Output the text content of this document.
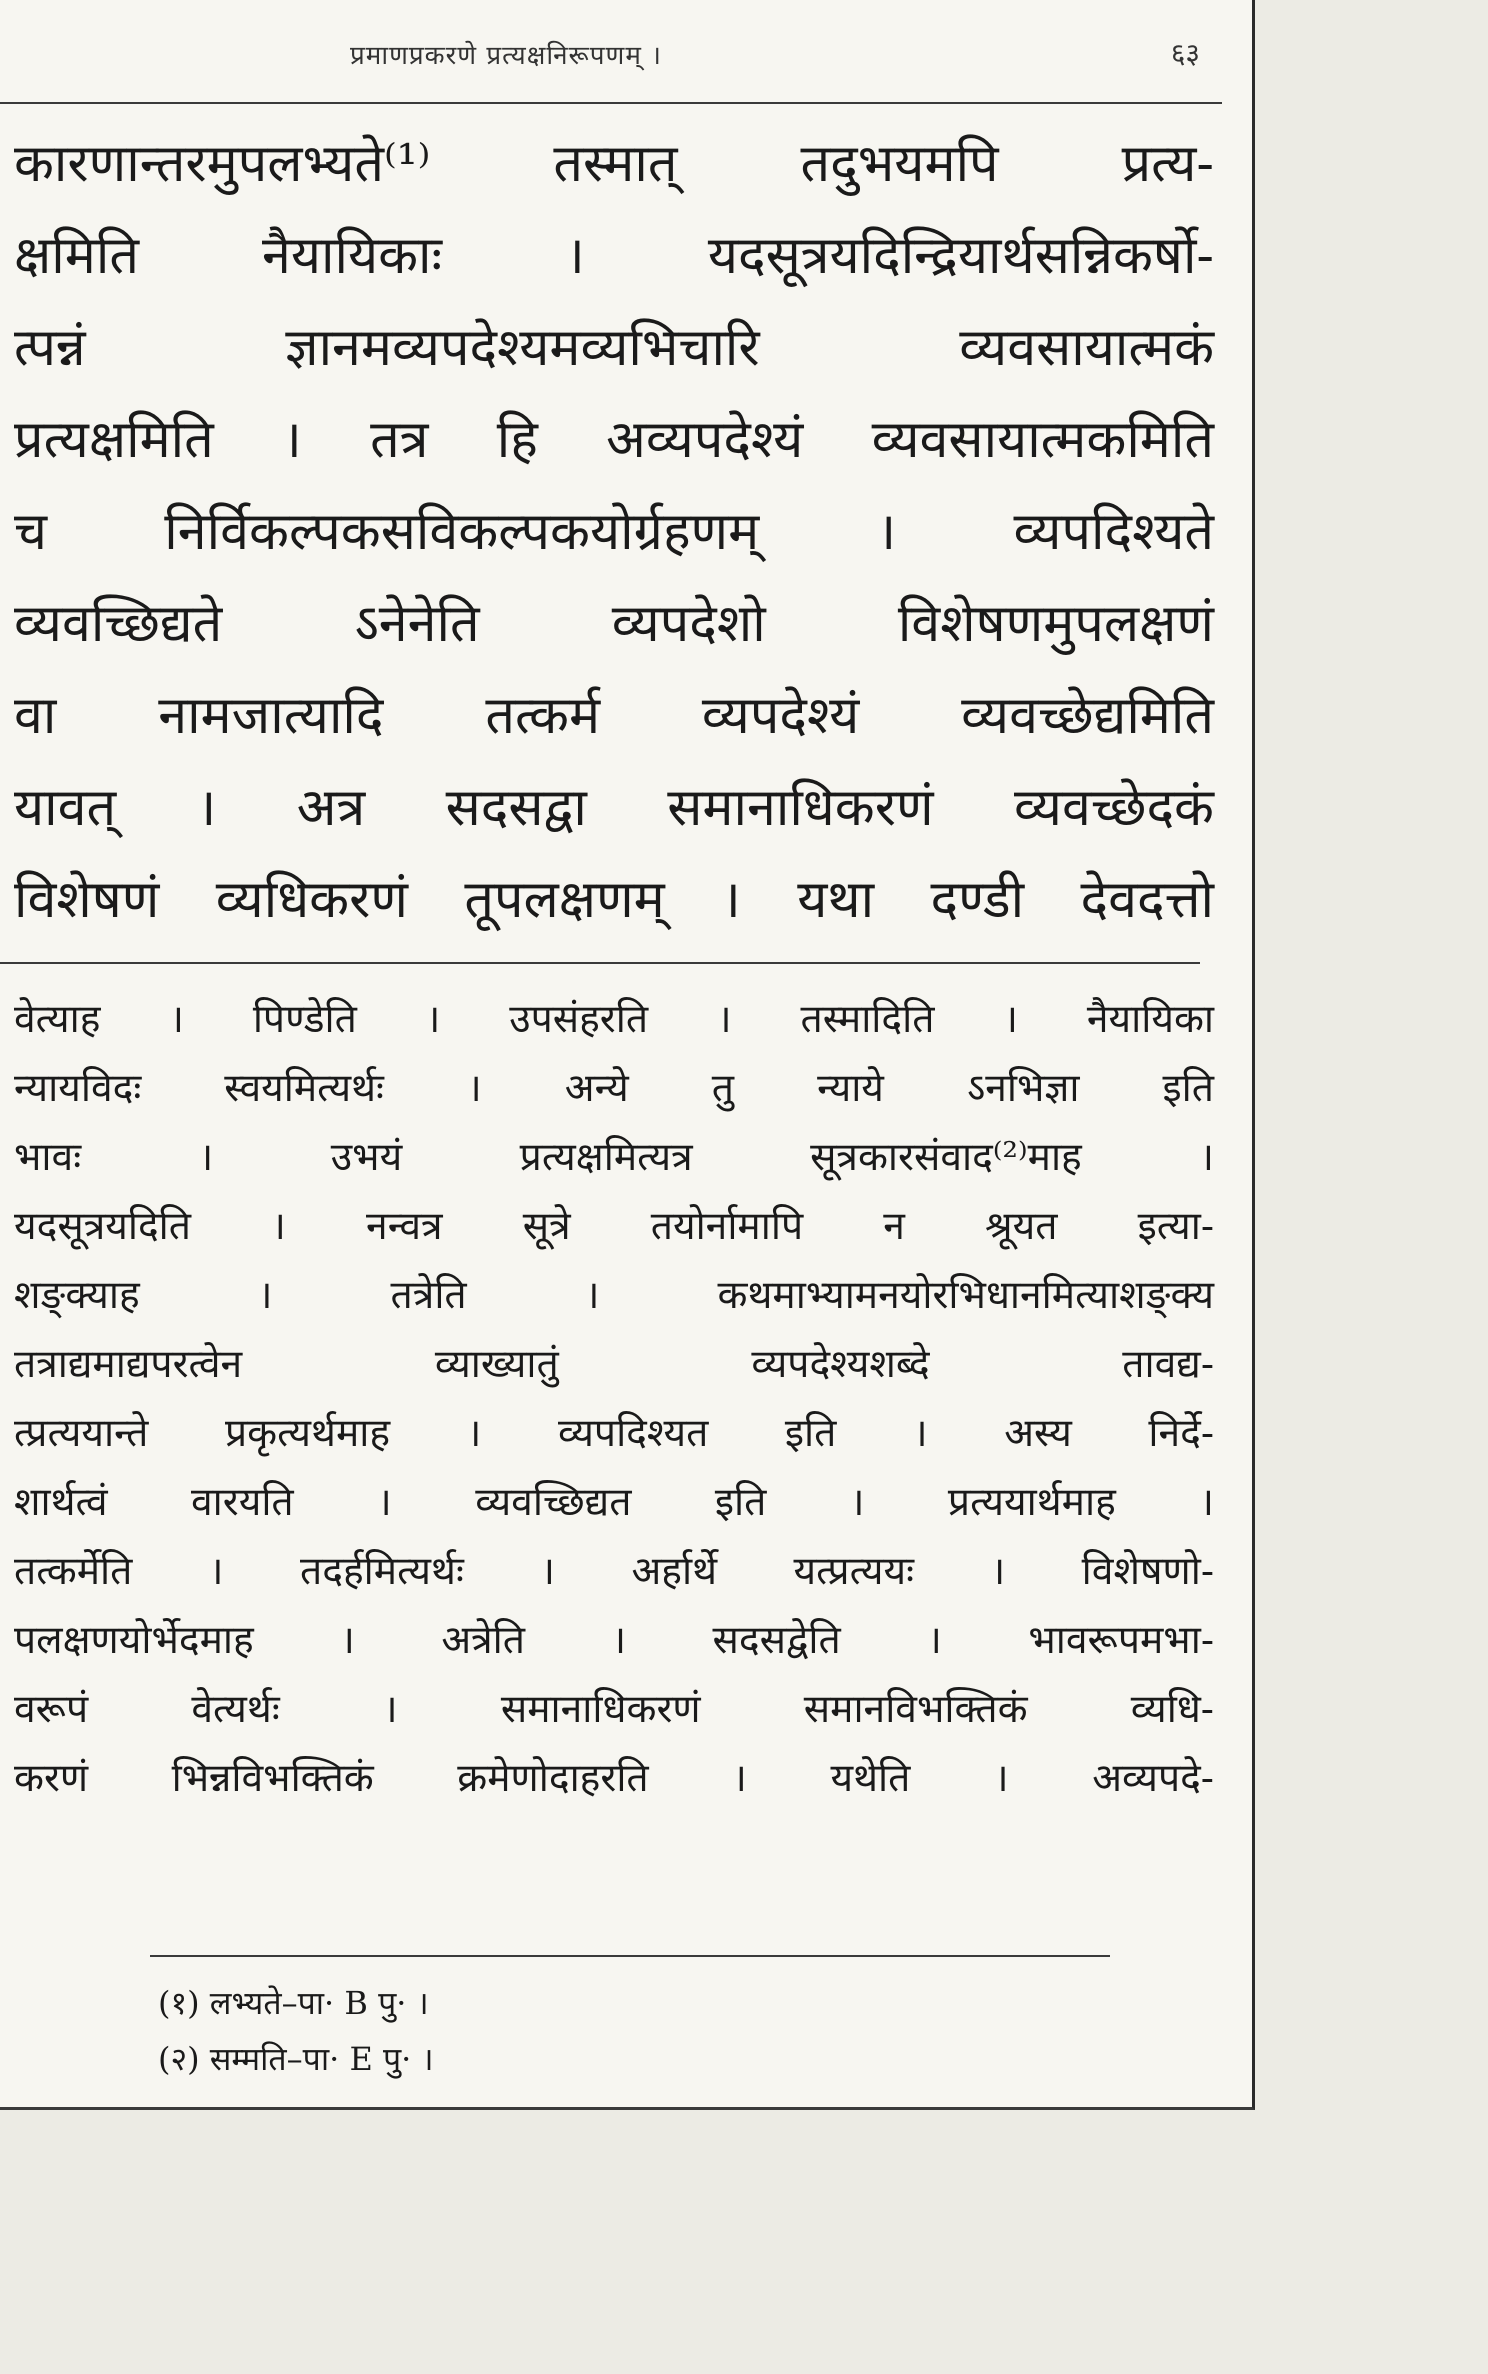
प्रमाणप्रकरणे प्रत्यक्षनिरूपणम् ।	६३
कारणान्तरमुपलभ्यते⁽¹⁾ तस्मात् तदुभयमपि प्रत्य-
क्षमिति नैयायिकाः । यदसूत्रयदिन्द्रियार्थसन्निकर्षो-
त्पन्नं ज्ञानमव्यपदेश्यमव्यभिचारि व्यवसायात्मकं
प्रत्यक्षमिति । तत्र हि अव्यपदेश्यं व्यवसायात्मकमिति
च निर्विकल्पकसविकल्पकयोर्ग्रहणम् । व्यपदिश्यते
व्यवच्छिद्यते ऽनेनेति व्यपदेशो विशेषणमुपलक्षणं
वा नामजात्यादि तत्कर्म व्यपदेश्यं व्यवच्छेद्यमिति
यावत् । अत्र सदसद्वा समानाधिकरणं व्यवच्छेदकं
विशेषणं व्यधिकरणं तूपलक्षणम् । यथा दण्डी देवदत्तो
वेत्याह । पिण्डेति । उपसंहरति । तस्मादिति । नैयायिका
न्यायविदः स्वयमित्यर्थः । अन्ये तु न्याये ऽनभिज्ञा इति
भावः । उभयं प्रत्यक्षमित्यत्र सूत्रकारसंवाद⁽²⁾माह ।
यदसूत्रयदिति । नन्वत्र सूत्रे तयोर्नामापि न श्रूयत इत्या-
शङ्क्याह । तत्रेति । कथमाभ्यामनयोरभिधानमित्याशङ्क्य
तत्राद्यमाद्यपरत्वेन व्याख्यातुं व्यपदेश्यशब्दे तावद्य-
त्प्रत्ययान्ते प्रकृत्यर्थमाह । व्यपदिश्यत इति । अस्य निर्दे-
शार्थत्वं वारयति । व्यवच्छिद्यत इति । प्रत्ययार्थमाह ।
तत्कर्मेति । तदर्हमित्यर्थः । अर्हार्थे यत्प्रत्ययः । विशेषणो-
पलक्षणयोर्भेदमाह । अत्रेति । सदसद्वेति । भावरूपमभा-
वरूपं वेत्यर्थः । समानाधिकरणं समानविभक्तिकं व्यधि-
करणं भिन्नविभक्तिकं क्रमेणोदाहरति । यथेति । अव्यपदे-
(१) लभ्यते–पा· B पु· ।
(२) सम्मति–पा· E पु· ।
